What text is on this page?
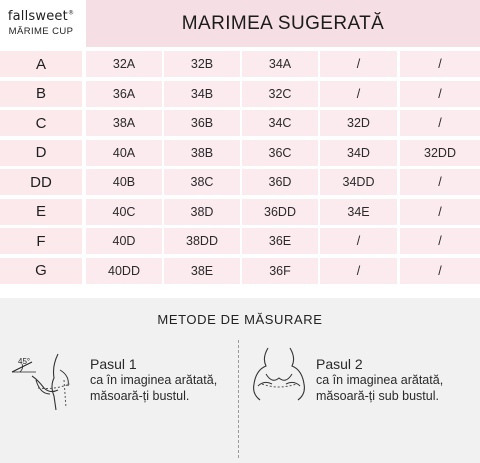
fallsweet®
MĂRIME CUP	MARIMEA SUGERATĂ
A	32A	32B	34A	/	/
B	36A	34B	32C	/	/
C	38A	36B	34C	32D	/
D	40A	38B	36C	34D	32DD
DD	40B	38C	36D	34DD	/
E	40C	38D	36DD	34E	/
F	40D	38DD	36E	/	/
G	40DD	38E	36F	/	/
METODE DE MĂSURARE
45°	Pasul 1
ca în imaginea arătată,
măsoară-ți bustul.
Pasul 2
ca în imaginea arătată,
măsoară-ți sub bustul.
